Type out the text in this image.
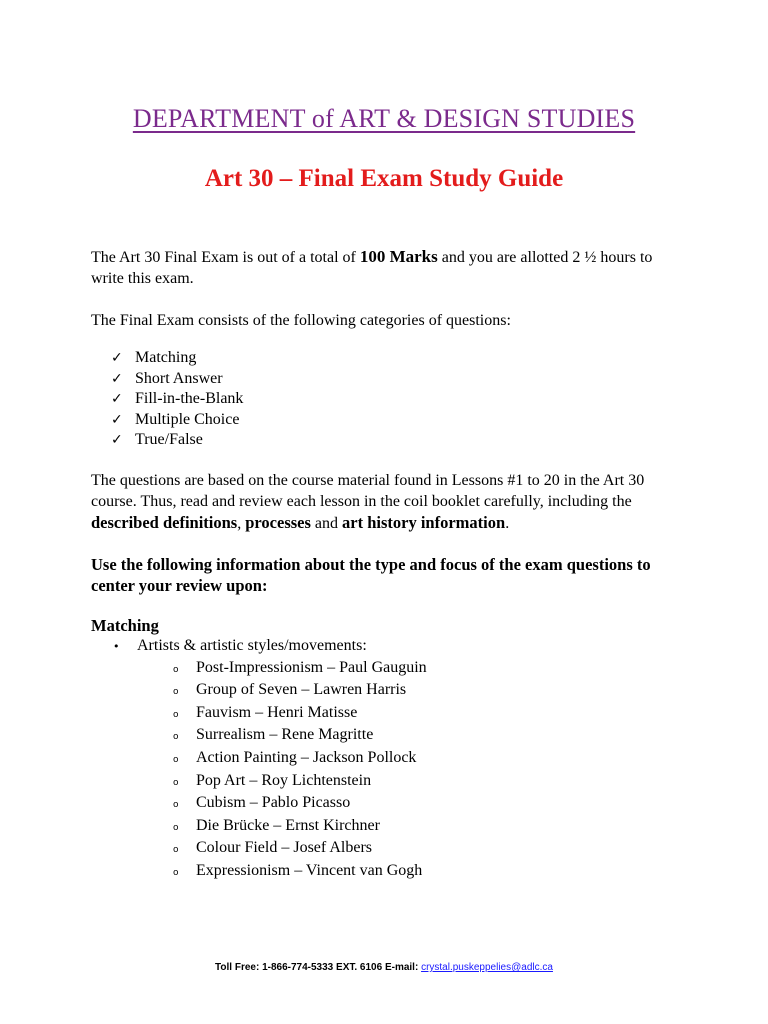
DEPARTMENT of ART & DESIGN STUDIES
Art 30 – Final Exam Study Guide

The Art 30 Final Exam is out of a total of 100 Marks and you are allotted 2 ½ hours to write this exam.

The Final Exam consists of the following categories of questions:

✓ Matching
✓ Short Answer
✓ Fill-in-the-Blank
✓ Multiple Choice
✓ True/False

The questions are based on the course material found in Lessons #1 to 20 in the Art 30 course. Thus, read and review each lesson in the coil booklet carefully, including the described definitions, processes and art history information.

Use the following information about the type and focus of the exam questions to center your review upon:

Matching

•	Artists & artistic styles/movements:
o	Post-Impressionism – Paul Gauguin
o	Group of Seven – Lawren Harris
o	Fauvism – Henri Matisse
o	Surrealism – Rene Magritte
o	Action Painting – Jackson Pollock
o	Pop Art – Roy Lichtenstein
o	Cubism – Pablo Picasso
o	Die Brücke – Ernst Kirchner
o	Colour Field – Josef Albers
o	Expressionism – Vincent van Gogh
Toll Free: 1-866-774-5333 EXT. 6106 E-mail: crystal.puskeppelies@adlc.ca
